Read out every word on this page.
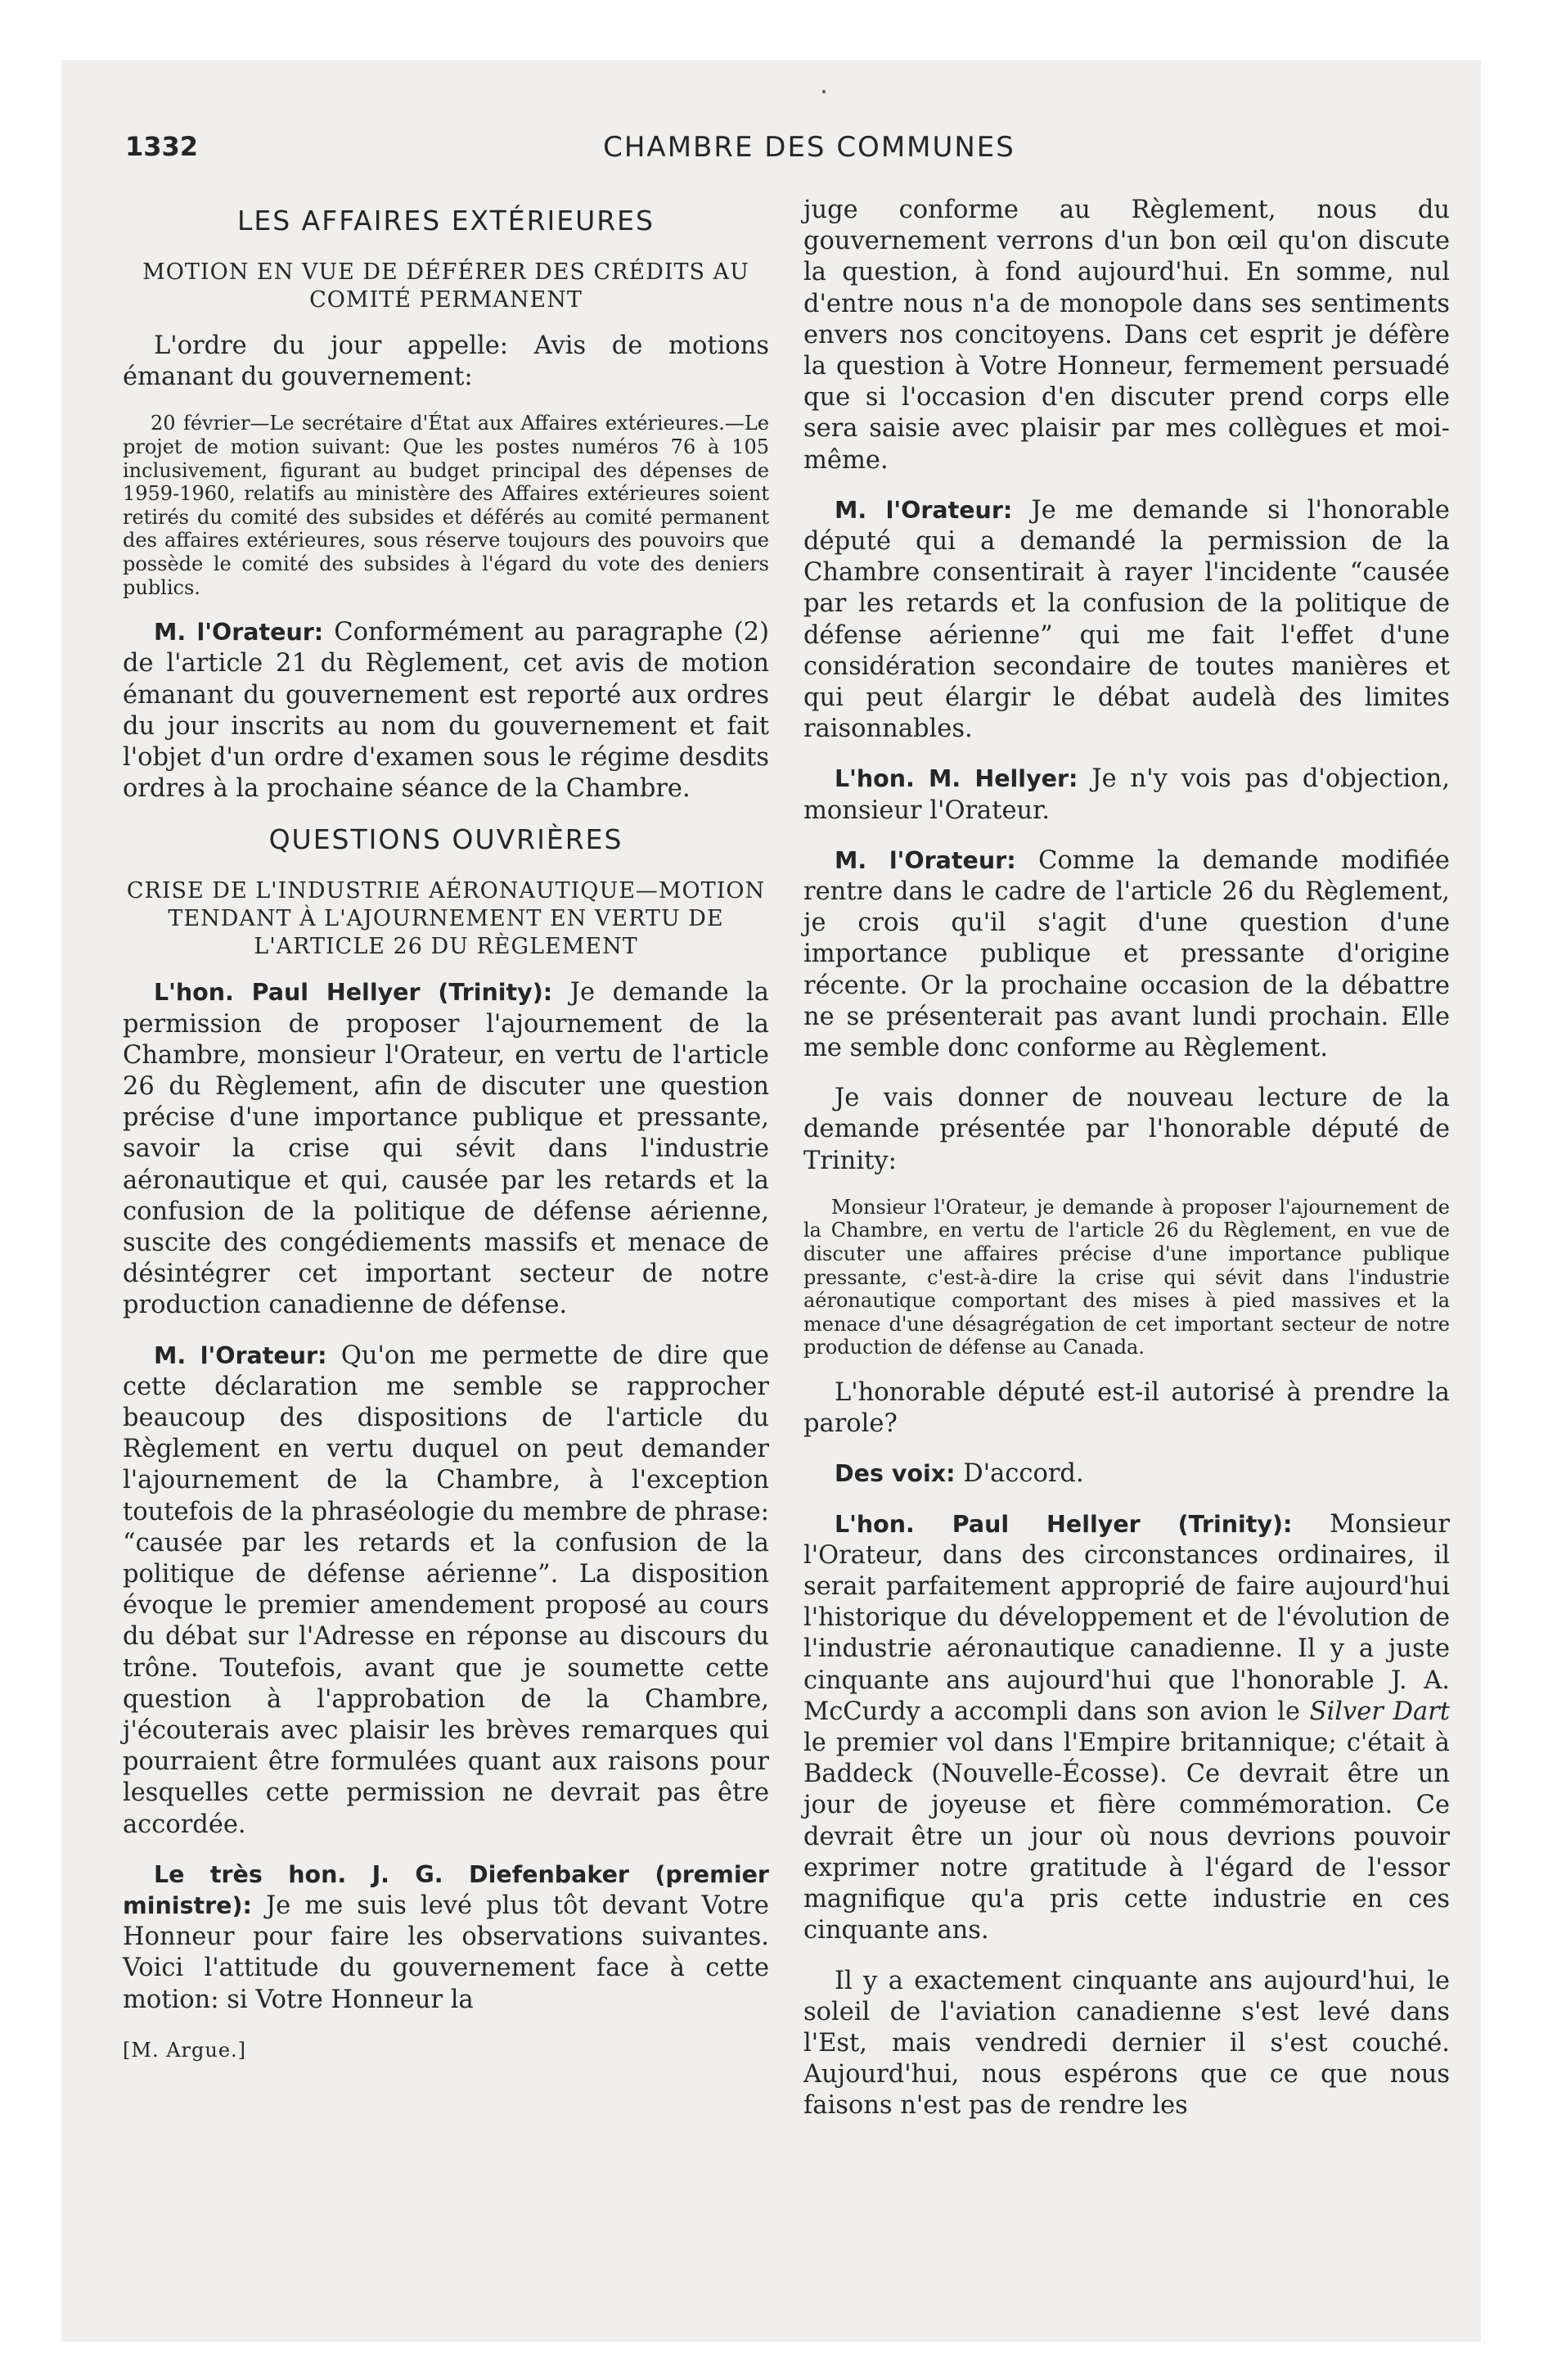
1332	CHAMBRE DES COMMUNES
LES AFFAIRES EXTÉRIEURES
MOTION EN VUE DE DÉFÉRER DES CRÉDITS AU COMITÉ PERMANENT

L'ordre du jour appelle: Avis de motions émanant du gouvernement:

20 février—Le secrétaire d'État aux Affaires extérieures.—Le projet de motion suivant: Que les postes numéros 76 à 105 inclusivement, figurant au budget principal des dépenses de 1959-1960, relatifs au ministère des Affaires extérieures soient retirés du comité des subsides et déférés au comité permanent des affaires extérieures, sous réserve toujours des pouvoirs que possède le comité des subsides à l'égard du vote des deniers publics.

M. l'Orateur: Conformément au paragraphe (2) de l'article 21 du Règlement, cet avis de motion émanant du gouvernement est reporté aux ordres du jour inscrits au nom du gouvernement et fait l'objet d'un ordre d'examen sous le régime desdits ordres à la prochaine séance de la Chambre.

QUESTIONS OUVRIÈRES
CRISE DE L'INDUSTRIE AÉRONAUTIQUE—MOTION TENDANT À L'AJOURNEMENT EN VERTU DE L'ARTICLE 26 DU RÈGLEMENT

L'hon. Paul Hellyer (Trinity): Je demande la permission de proposer l'ajournement de la Chambre, monsieur l'Orateur, en vertu de l'article 26 du Règlement, afin de discuter une question précise d'une importance publique et pressante, savoir la crise qui sévit dans l'industrie aéronautique et qui, causée par les retards et la confusion de la politique de défense aérienne, suscite des congédiements massifs et menace de désintégrer cet important secteur de notre production canadienne de défense.

M. l'Orateur: Qu'on me permette de dire que cette déclaration me semble se rapprocher beaucoup des dispositions de l'article du Règlement en vertu duquel on peut demander l'ajournement de la Chambre, à l'exception toutefois de la phraséologie du membre de phrase: “causée par les retards et la confusion de la politique de défense aérienne”. La disposition évoque le premier amendement proposé au cours du débat sur l'Adresse en réponse au discours du trône. Toutefois, avant que je soumette cette question à l'approbation de la Chambre, j'écouterais avec plaisir les brèves remarques qui pourraient être formulées quant aux raisons pour lesquelles cette permission ne devrait pas être accordée.

Le très hon. J. G. Diefenbaker (premier ministre): Je me suis levé plus tôt devant Votre Honneur pour faire les observations suivantes. Voici l'attitude du gouvernement face à cette motion: si Votre Honneur la

[M. Argue.]

juge conforme au Règlement, nous du gouvernement verrons d'un bon œil qu'on discute la question, à fond aujourd'hui. En somme, nul d'entre nous n'a de monopole dans ses sentiments envers nos concitoyens. Dans cet esprit je défère la question à Votre Honneur, fermement persuadé que si l'occasion d'en discuter prend corps elle sera saisie avec plaisir par mes collègues et moi-même.

M. l'Orateur: Je me demande si l'honorable député qui a demandé la permission de la Chambre consentirait à rayer l'incidente “causée par les retards et la confusion de la politique de défense aérienne” qui me fait l'effet d'une considération secondaire de toutes manières et qui peut élargir le débat audelà des limites raisonnables.

L'hon. M. Hellyer: Je n'y vois pas d'objection, monsieur l'Orateur.

M. l'Orateur: Comme la demande modifiée rentre dans le cadre de l'article 26 du Règlement, je crois qu'il s'agit d'une question d'une importance publique et pressante d'origine récente. Or la prochaine occasion de la débattre ne se présenterait pas avant lundi prochain. Elle me semble donc conforme au Règlement.

Je vais donner de nouveau lecture de la demande présentée par l'honorable député de Trinity:

Monsieur l'Orateur, je demande à proposer l'ajournement de la Chambre, en vertu de l'article 26 du Règlement, en vue de discuter une affaires précise d'une importance publique pressante, c'est-à-dire la crise qui sévit dans l'industrie aéronautique comportant des mises à pied massives et la menace d'une désagrégation de cet important secteur de notre production de défense au Canada.

L'honorable député est-il autorisé à prendre la parole?

Des voix: D'accord.

L'hon. Paul Hellyer (Trinity): Monsieur l'Orateur, dans des circonstances ordinaires, il serait parfaitement approprié de faire aujourd'hui l'historique du développement et de l'évolution de l'industrie aéronautique canadienne. Il y a juste cinquante ans aujourd'hui que l'honorable J. A. McCurdy a accompli dans son avion le Silver Dart le premier vol dans l'Empire britannique; c'était à Baddeck (Nouvelle-Écosse). Ce devrait être un jour de joyeuse et fière commémoration. Ce devrait être un jour où nous devrions pouvoir exprimer notre gratitude à l'égard de l'essor magnifique qu'a pris cette industrie en ces cinquante ans.

Il y a exactement cinquante ans aujourd'hui, le soleil de l'aviation canadienne s'est levé dans l'Est, mais vendredi dernier il s'est couché. Aujourd'hui, nous espérons que ce que nous faisons n'est pas de rendre les
